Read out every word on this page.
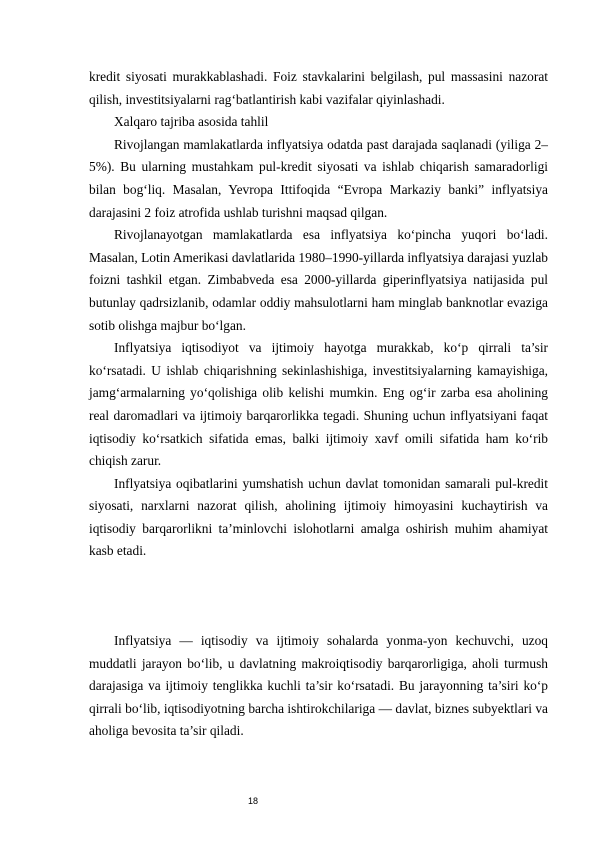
kredit siyosati murakkablashadi. Foiz stavkalarini belgilash, pul massasini nazorat qilish, investitsiyalarni rag‘batlantirish kabi vazifalar qiyinlashadi.

Xalqaro tajriba asosida tahlil

Rivojlangan mamlakatlarda inflyatsiya odatda past darajada saqlanadi (yiliga 2–5%). Bu ularning mustahkam pul-kredit siyosati va ishlab chiqarish samaradorligi bilan bog‘liq. Masalan, Yevropa Ittifoqida “Evropa Markaziy banki” inflyatsiya darajasini 2 foiz atrofida ushlab turishni maqsad qilgan.

Rivojlanayotgan mamlakatlarda esa inflyatsiya ko‘pincha yuqori bo‘ladi. Masalan, Lotin Amerikasi davlatlarida 1980–1990-yillarda inflyatsiya darajasi yuzlab foizni tashkil etgan. Zimbabveda esa 2000-yillarda giperinflyatsiya natijasida pul butunlay qadrsizlanib, odamlar oddiy mahsulotlarni ham minglab banknotlar evaziga sotib olishga majbur bo‘lgan.

Inflyatsiya iqtisodiyot va ijtimoiy hayotga murakkab, ko‘p qirrali ta’sir ko‘rsatadi. U ishlab chiqarishning sekinlashishiga, investitsiyalarning kamayishiga, jamg‘armalarning yo‘qolishiga olib kelishi mumkin. Eng og‘ir zarba esa aholining real daromadlari va ijtimoiy barqarorlikka tegadi. Shuning uchun inflyatsiyani faqat iqtisodiy ko‘rsatkich sifatida emas, balki ijtimoiy xavf omili sifatida ham ko‘rib chiqish zarur.

Inflyatsiya oqibatlarini yumshatish uchun davlat tomonidan samarali pul-kredit siyosati, narxlarni nazorat qilish, aholining ijtimoiy himoyasini kuchaytirish va iqtisodiy barqarorlikni ta’minlovchi islohotlarni amalga oshirish muhim ahamiyat kasb etadi.

Inflyatsiya — iqtisodiy va ijtimoiy sohalarda yonma-yon kechuvchi, uzoq muddatli jarayon bo‘lib, u davlatning makroiqtisodiy barqarorligiga, aholi turmush darajasiga va ijtimoiy tenglikka kuchli ta’sir ko‘rsatadi. Bu jarayonning ta’siri ko‘p qirrali bo‘lib, iqtisodiyotning barcha ishtirokchilariga — davlat, biznes subyektlari va aholiga bevosita ta’sir qiladi.

18
